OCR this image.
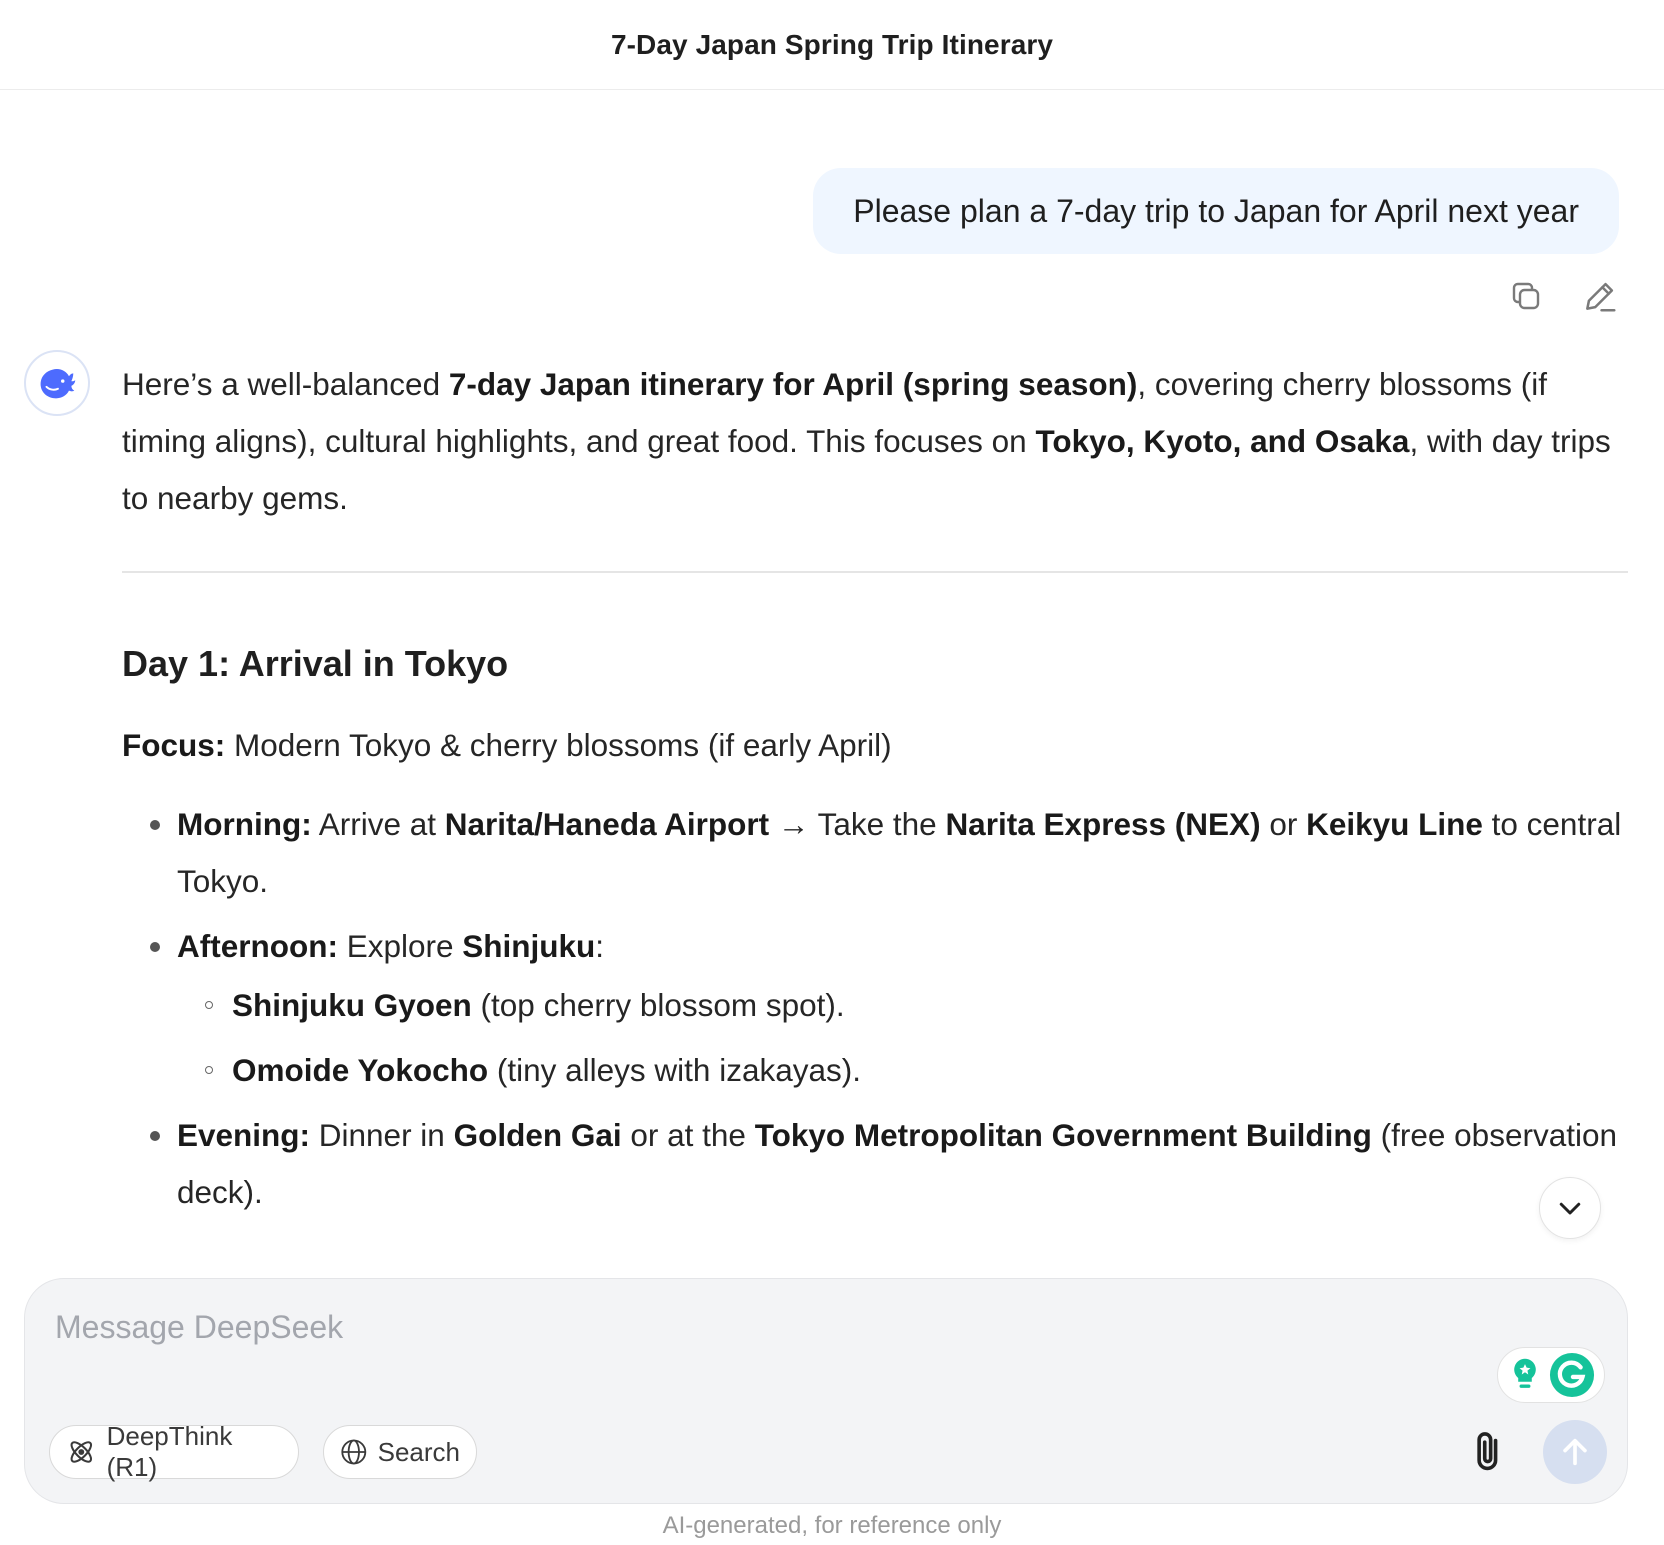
7-Day Japan Spring Trip Itinerary
Please plan a 7-day trip to Japan for April next year

Here’s a well-balanced 7-day Japan itinerary for April (spring season), covering cherry blossoms (if timing aligns), cultural highlights, and great food. This focuses on Tokyo, Kyoto, and Osaka, with day trips to nearby gems.

Day 1: Arrival in Tokyo
Focus: Modern Tokyo & cherry blossoms (if early April)
Morning: Arrive at Narita/Haneda Airport → Take the Narita Express (NEX) or Keikyu Line to central Tokyo.
Afternoon: Explore Shinjuku:
Shinjuku Gyoen (top cherry blossom spot).
Omoide Yokocho (tiny alleys with izakayas).
Evening: Dinner in Golden Gai or at the Tokyo Metropolitan Government Building (free observation deck).
Message DeepSeek
DeepThink (R1)
Search
AI-generated, for reference only
